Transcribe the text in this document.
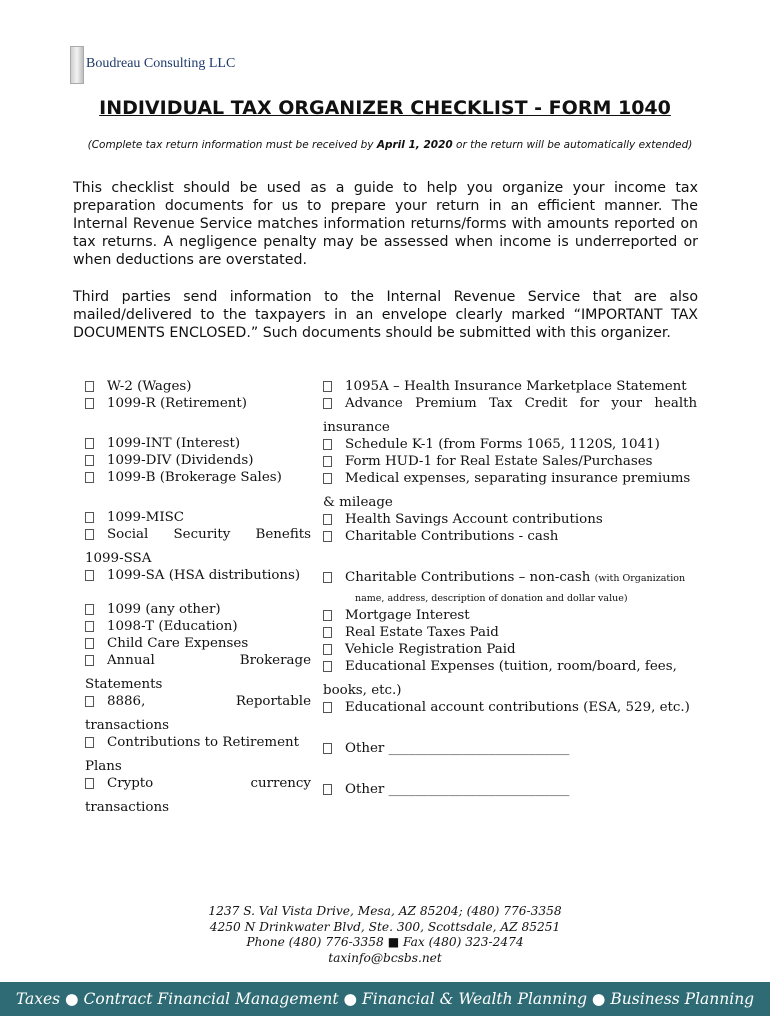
Boudreau Consulting LLC
INDIVIDUAL TAX ORGANIZER CHECKLIST - FORM 1040
(Complete tax return information must be received by April 1, 2020 or the return will be automatically extended)
This checklist should be used as a guide to help you organize your income tax preparation documents for us to prepare your return in an efficient manner. The Internal Revenue Service matches information returns/forms with amounts reported on tax returns. A negligence penalty may be assessed when income is underreported or when deductions are overstated.
Third parties send information to the Internal Revenue Service that are also mailed/delivered to the taxpayers in an envelope clearly marked “IMPORTANT TAX DOCUMENTS ENCLOSED.” Such documents should be submitted with this organizer.
W-2 (Wages)
1099-R (Retirement)
1099-INT (Interest)
1099-DIV (Dividends)
1099-B (Brokerage Sales)
1099-MISC
Social Security Benefits
1099-SSA
1099-SA (HSA distributions)
1099 (any other)
1098-T (Education)
Child Care Expenses
Annual	Brokerage
Statements
8886,	Reportable
transactions
Contributions to Retirement
Plans
Crypto	currency
transactions
1095A – Health Insurance Marketplace Statement
Advance Premium Tax Credit for your health
insurance
Schedule K-1 (from Forms 1065, 1120S, 1041)
Form HUD-1 for Real Estate Sales/Purchases
Medical expenses, separating insurance premiums
& mileage
Health Savings Account contributions
Charitable Contributions - cash
Charitable Contributions – non-cash (with Organization
name, address, description of donation and dollar value)
Mortgage Interest
Real Estate Taxes Paid
Vehicle Registration Paid
Educational Expenses (tuition, room/board, fees,
books, etc.)
Educational account contributions (ESA, 529, etc.)
Other ___________________________
Other ___________________________
1237 S. Val Vista Drive, Mesa, AZ 85204; (480) 776-3358
4250 N Drinkwater Blvd, Ste. 300, Scottsdale, AZ 85251
Phone (480) 776-3358 ■ Fax (480) 323-2474
taxinfo@bcsbs.net
Taxes ● Contract Financial Management ● Financial & Wealth Planning ● Business Planning
